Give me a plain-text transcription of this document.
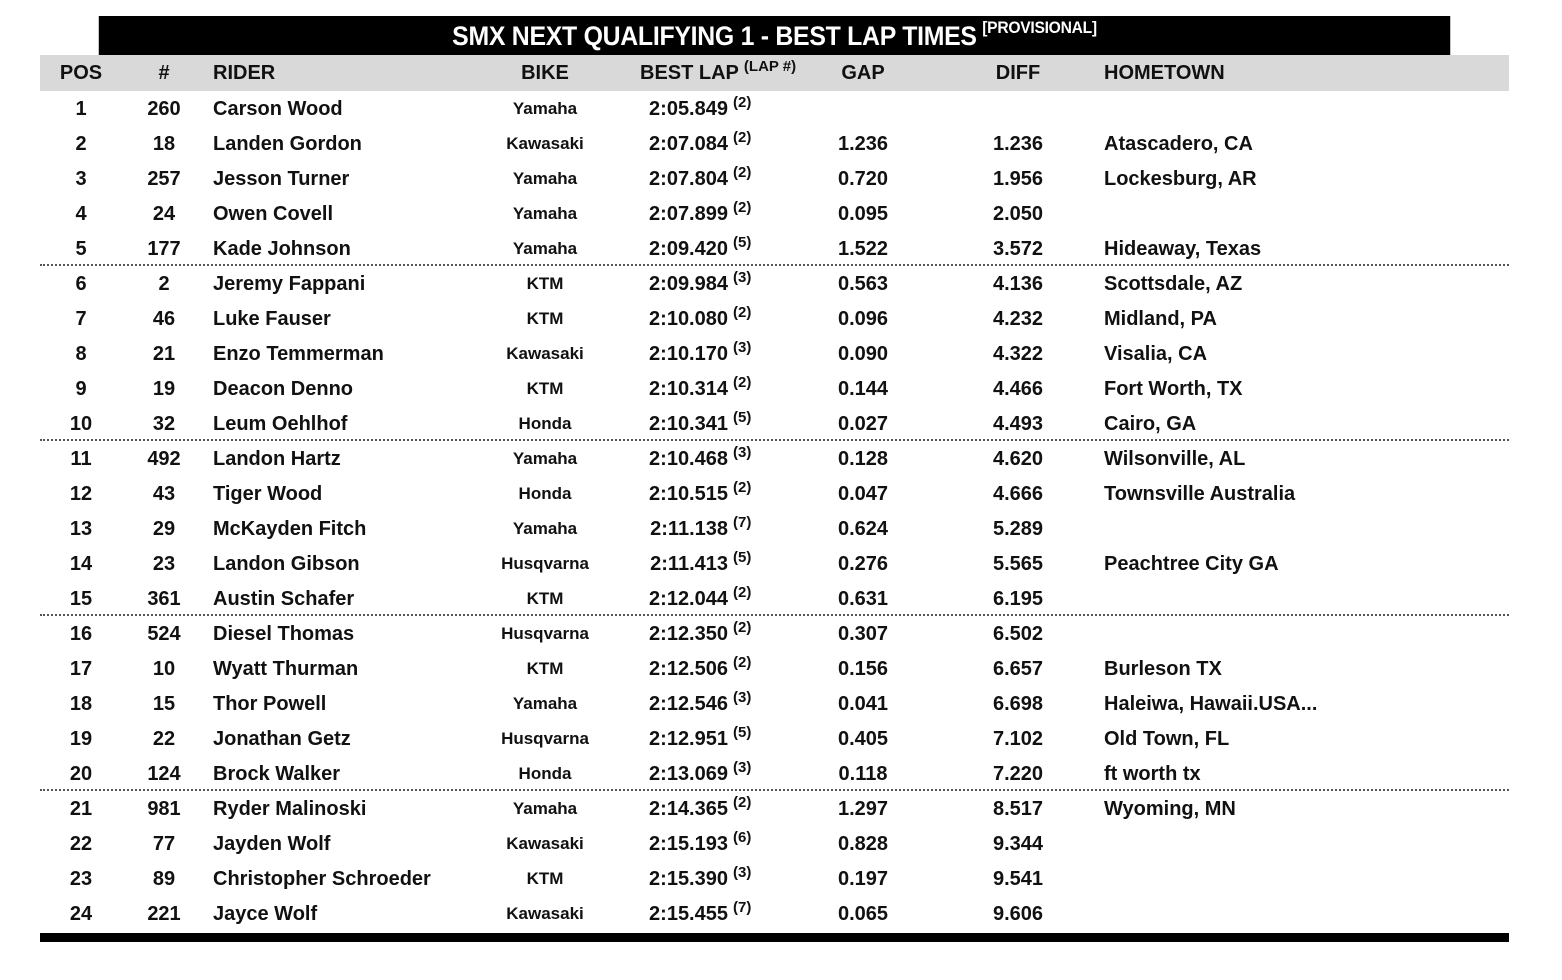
SMX NEXT QUALIFYING 1 - BEST LAP TIMES [PROVISIONAL]
POS	#	RIDER	BIKE	BEST LAP $^{(LAP \#)}$	GAP	DIFF	HOMETOWN
1	260	Carson Wood	Yamaha	2:05.849 $^{(2)}$
2	18	Landen Gordon	Kawasaki	2:07.084 $^{(2)}$	1.236	1.236	Atascadero, CA
3	257	Jesson Turner	Yamaha	2:07.804 $^{(2)}$	0.720	1.956	Lockesburg, AR
4	24	Owen Covell	Yamaha	2:07.899 $^{(2)}$	0.095	2.050
5	177	Kade Johnson	Yamaha	2:09.420 $^{(5)}$	1.522	3.572	Hideaway, Texas
6	2	Jeremy Fappani	KTM	2:09.984 $^{(3)}$	0.563	4.136	Scottsdale, AZ
7	46	Luke Fauser	KTM	2:10.080 $^{(2)}$	0.096	4.232	Midland, PA
8	21	Enzo Temmerman	Kawasaki	2:10.170 $^{(3)}$	0.090	4.322	Visalia, CA
9	19	Deacon Denno	KTM	2:10.314 $^{(2)}$	0.144	4.466	Fort Worth, TX
10	32	Leum Oehlhof	Honda	2:10.341 $^{(5)}$	0.027	4.493	Cairo, GA
11	492	Landon Hartz	Yamaha	2:10.468 $^{(3)}$	0.128	4.620	Wilsonville, AL
12	43	Tiger Wood	Honda	2:10.515 $^{(2)}$	0.047	4.666	Townsville Australia
13	29	McKayden Fitch	Yamaha	2:11.138 $^{(7)}$	0.624	5.289
14	23	Landon Gibson	Husqvarna	2:11.413 $^{(5)}$	0.276	5.565	Peachtree City GA
15	361	Austin Schafer	KTM	2:12.044 $^{(2)}$	0.631	6.195
16	524	Diesel Thomas	Husqvarna	2:12.350 $^{(2)}$	0.307	6.502
17	10	Wyatt Thurman	KTM	2:12.506 $^{(2)}$	0.156	6.657	Burleson TX
18	15	Thor Powell	Yamaha	2:12.546 $^{(3)}$	0.041	6.698	Haleiwa, Hawaii.USA...
19	22	Jonathan Getz	Husqvarna	2:12.951 $^{(5)}$	0.405	7.102	Old Town, FL
20	124	Brock Walker	Honda	2:13.069 $^{(3)}$	0.118	7.220	ft worth tx
21	981	Ryder Malinoski	Yamaha	2:14.365 $^{(2)}$	1.297	8.517	Wyoming, MN
22	77	Jayden Wolf	Kawasaki	2:15.193 $^{(6)}$	0.828	9.344
23	89	Christopher Schroeder	KTM	2:15.390 $^{(3)}$	0.197	9.541
24	221	Jayce Wolf	Kawasaki	2:15.455 $^{(7)}$	0.065	9.606
